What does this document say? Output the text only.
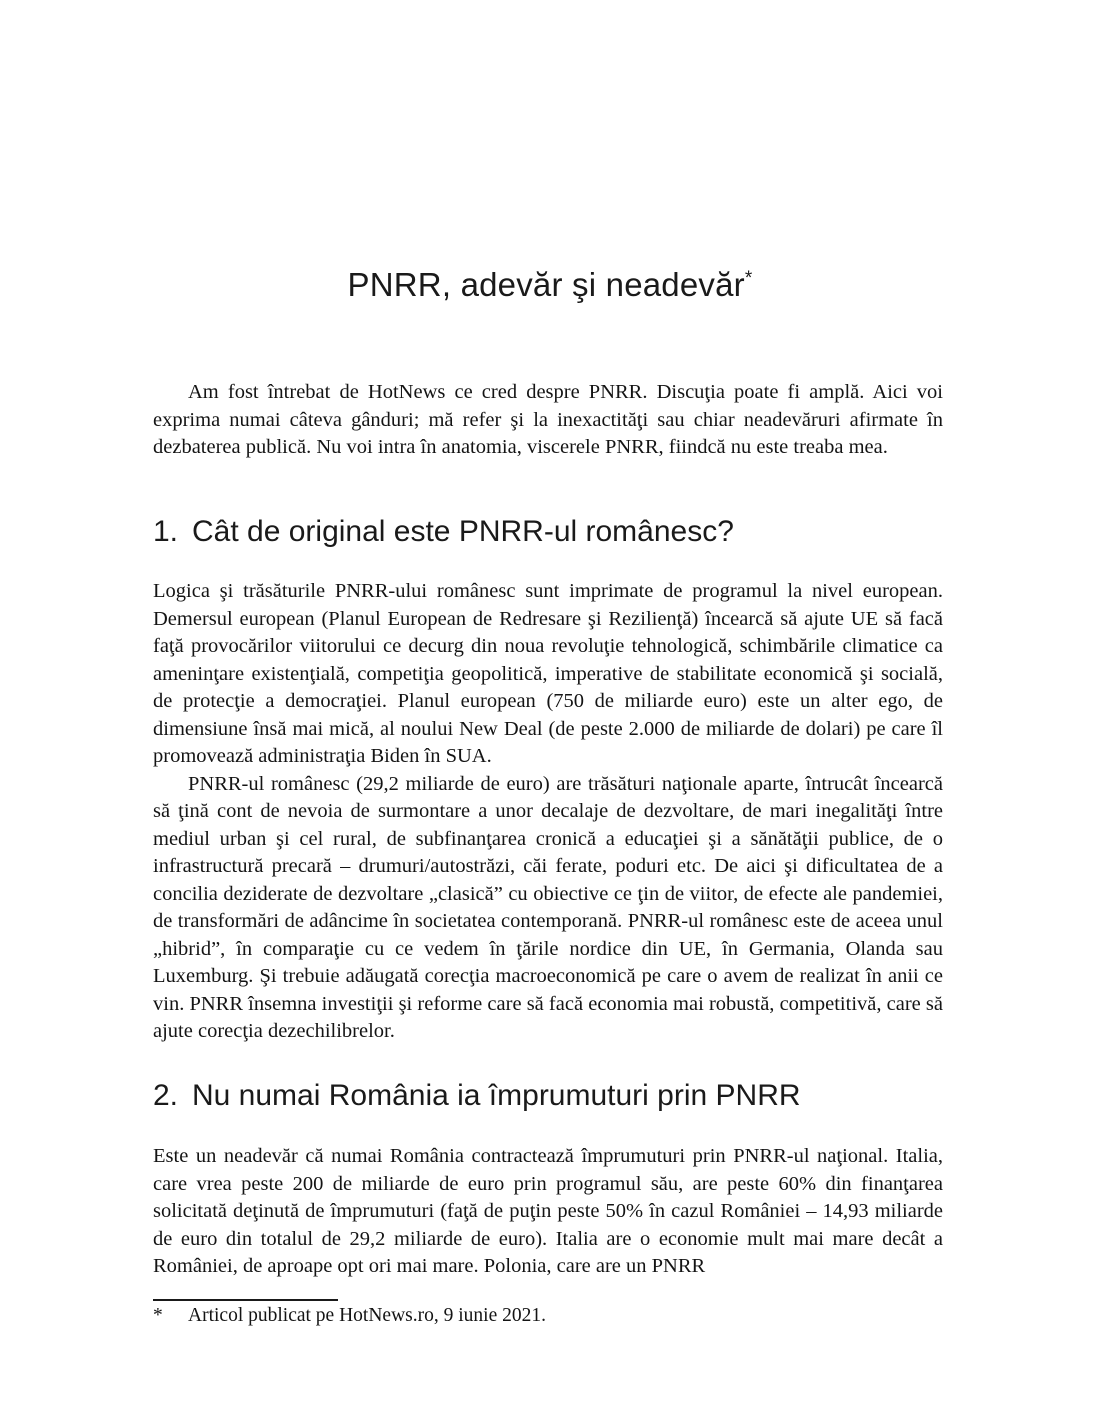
PNRR, adevăr şi neadevăr*

Am fost întrebat de HotNews ce cred despre PNRR. Discuţia poate fi amplă. Aici voi exprima numai câteva gânduri; mă refer şi la inexactităţi sau chiar neadevăruri afirmate în dezbaterea publică. Nu voi intra în anatomia, viscerele PNRR, fiindcă nu este treaba mea.

1. Cât de original este PNRR-ul românesc?

Logica şi trăsăturile PNRR-ului românesc sunt imprimate de programul la nivel european. Demersul european (Planul European de Redresare şi Rezilienţă) încearcă să ajute UE să facă faţă provocărilor viitorului ce decurg din noua revoluţie tehnologică, schimbările climatice ca ameninţare existenţială, competiţia geopolitică, imperative de stabilitate economică şi socială, de protecţie a democraţiei. Planul european (750 de miliarde euro) este un alter ego, de dimensiune însă mai mică, al noului New Deal (de peste 2.000 de miliarde de dolari) pe care îl promovează administraţia Biden în SUA.

PNRR-ul românesc (29,2 miliarde de euro) are trăsături naţionale aparte, întrucât încearcă să ţină cont de nevoia de surmontare a unor decalaje de dezvoltare, de mari inegalităţi între mediul urban şi cel rural, de subfinanţarea cronică a educaţiei şi a sănătăţii publice, de o infrastructură precară – drumuri/autostrăzi, căi ferate, poduri etc. De aici şi dificultatea de a concilia deziderate de dezvoltare „clasică” cu obiective ce ţin de viitor, de efecte ale pandemiei, de transformări de adâncime în societatea contemporană. PNRR-ul românesc este de aceea unul „hibrid”, în comparaţie cu ce vedem în ţările nordice din UE, în Germania, Olanda sau Luxemburg. Şi trebuie adăugată corecţia macroeconomică pe care o avem de realizat în anii ce vin. PNRR însemna investiţii şi reforme care să facă economia mai robustă, competitivă, care să ajute corecţia dezechilibrelor.

2. Nu numai România ia împrumuturi prin PNRR

Este un neadevăr că numai România contractează împrumuturi prin PNRR-ul naţional. Italia, care vrea peste 200 de miliarde de euro prin programul său, are peste 60% din finanţarea solicitată deţinută de împrumuturi (faţă de puţin peste 50% în cazul României – 14,93 miliarde de euro din totalul de 29,2 miliarde de euro). Italia are o economie mult mai mare decât a României, de aproape opt ori mai mare. Polonia, care are un PNRR

* Articol publicat pe HotNews.ro, 9 iunie 2021.
